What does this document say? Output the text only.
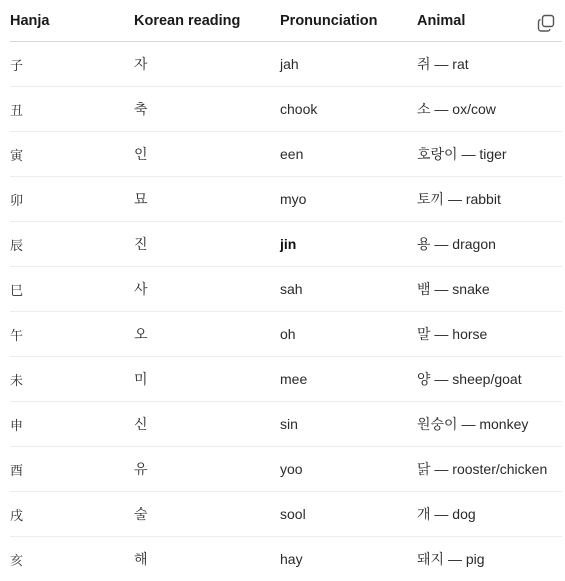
Hanja	Korean reading	Pronunciation	Animal
子	자	jah	쥐 — rat
丑	축	chook	소 — ox/cow
寅	인	een	호랑이 — tiger
卯	묘	myo	토끼 — rabbit
辰	진	jin	용 — dragon
巳	사	sah	뱀 — snake
午	오	oh	말 — horse
未	미	mee	양 — sheep/goat
申	신	sin	원숭이 — monkey
酉	유	yoo	닭 — rooster/chicken
戌	술	sool	개 — dog
亥	해	hay	돼지 — pig
